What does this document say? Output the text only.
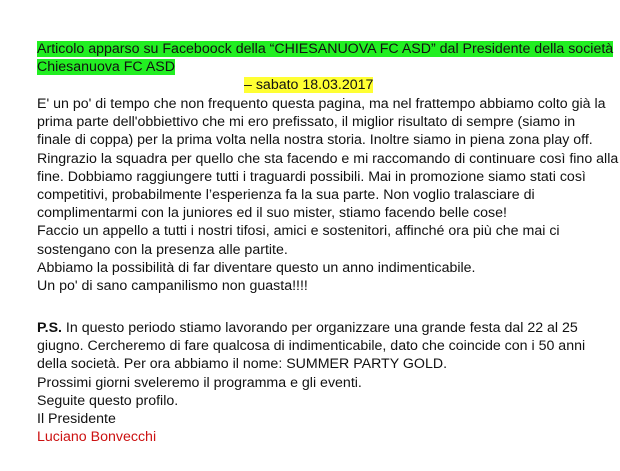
Articolo apparso su Faceboock della “CHIESANUOVA FC ASD” dal Presidente della società
Chiesanuova FC ASD
– sabato 18.03.2017
E' un po' di tempo che non frequento questa pagina, ma nel frattempo abbiamo colto già la
prima parte dell'obbiettivo che mi ero prefissato, il miglior risultato di sempre (siamo in
finale di coppa) per la prima volta nella nostra storia. Inoltre siamo in piena zona play off.
Ringrazio la squadra per quello che sta facendo e mi raccomando di continuare così fino alla
fine. Dobbiamo raggiungere tutti i traguardi possibili. Mai in promozione siamo stati così
competitivi, probabilmente l’esperienza fa la sua parte. Non voglio tralasciare di
complimentarmi con la juniores ed il suo mister, stiamo facendo belle cose!
Faccio un appello a tutti i nostri tifosi, amici e sostenitori, affinché ora più che mai ci
sostengano con la presenza alle partite.
Abbiamo la possibilità di far diventare questo un anno indimenticabile.
Un po' di sano campanilismo non guasta!!!!
P.S. In questo periodo stiamo lavorando per organizzare una grande festa dal 22 al 25
giugno. Cercheremo di fare qualcosa di indimenticabile, dato che coincide con i 50 anni
della società. Per ora abbiamo il nome: SUMMER PARTY GOLD.
Prossimi giorni sveleremo il programma e gli eventi.
Seguite questo profilo.
Il Presidente
Luciano Bonvecchi
